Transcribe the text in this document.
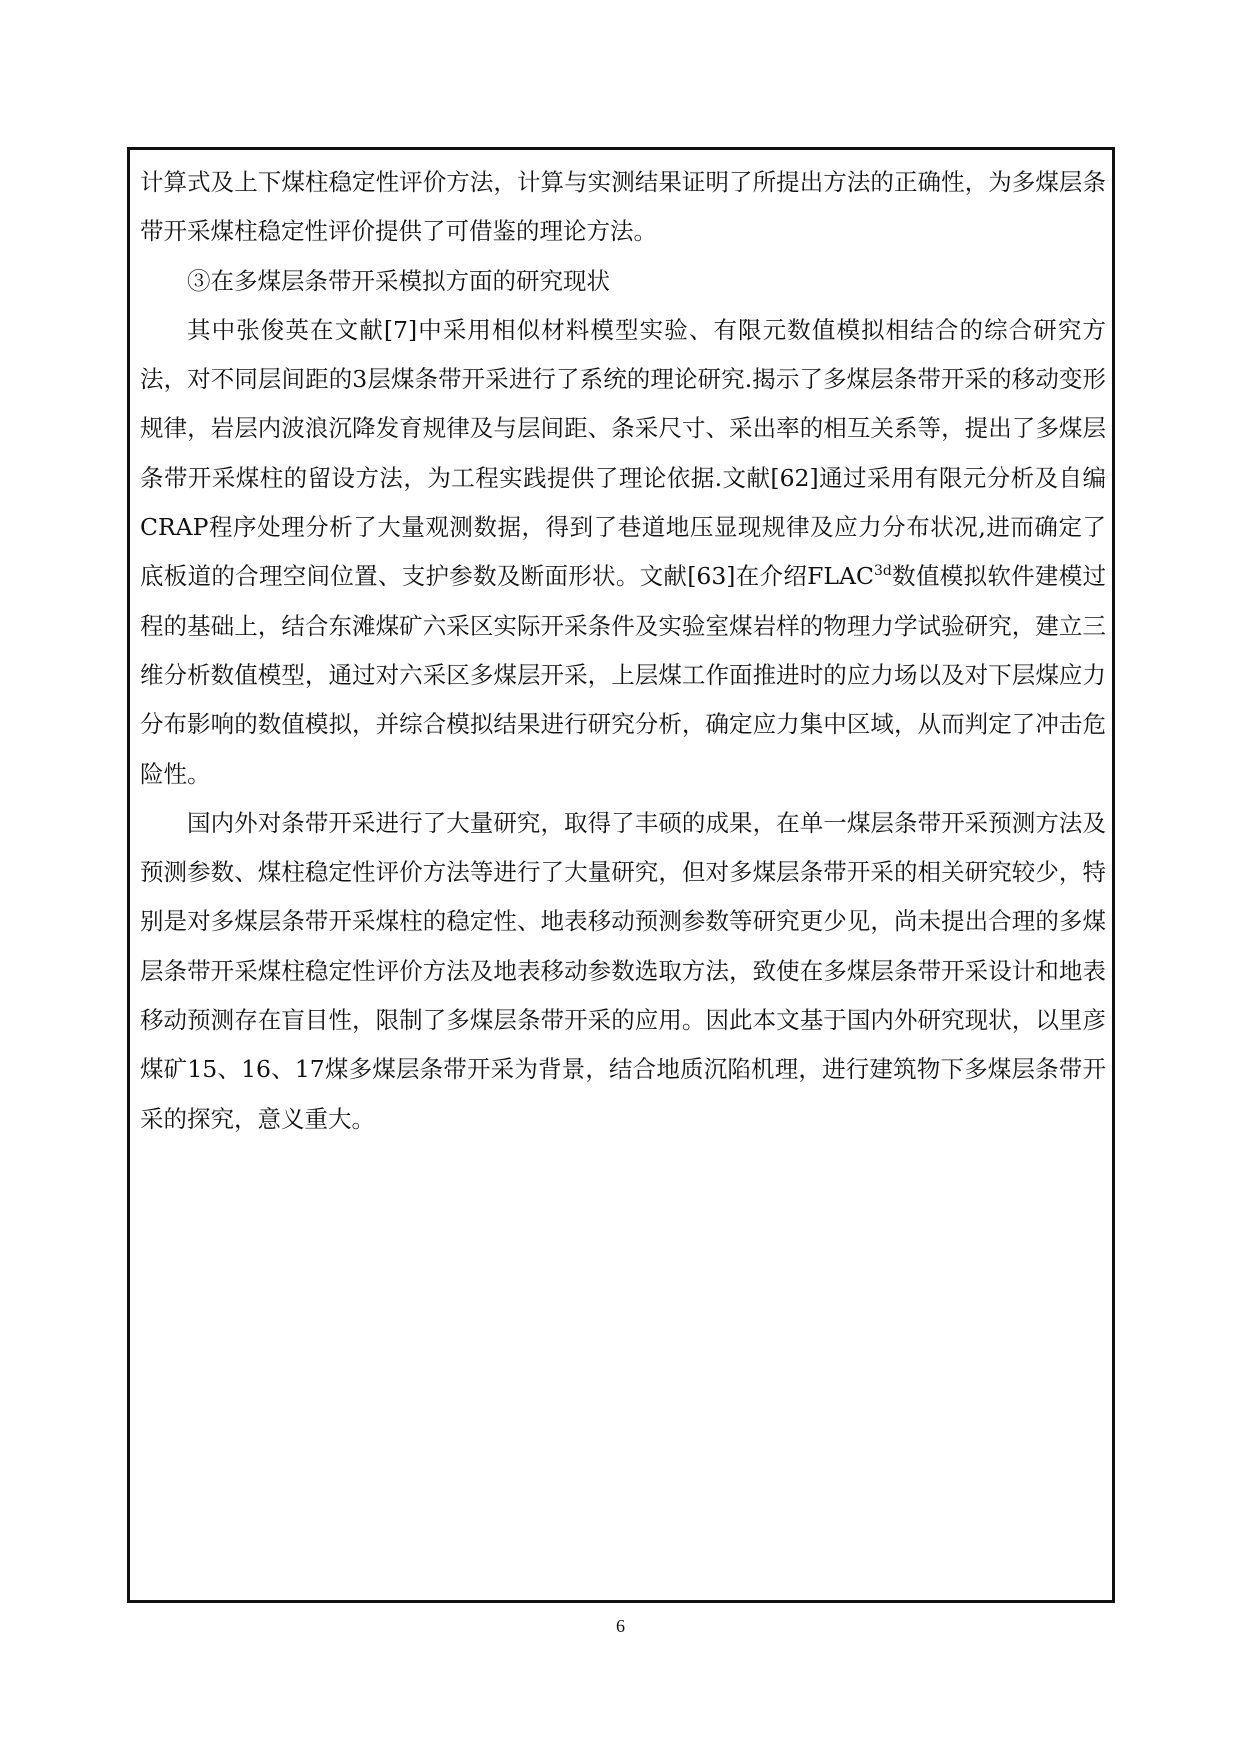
计算式及上下煤柱稳定性评价方法，计算与实测结果证明了所提出方法的正确性，为多煤层条带开采煤柱稳定性评价提供了可借鉴的理论方法。

③在多煤层条带开采模拟方面的研究现状

其中张俊英在文献[7]中采用相似材料模型实验、有限元数值模拟相结合的综合研究方法，对不同层间距的3层煤条带开采进行了系统的理论研究.揭示了多煤层条带开采的移动变形规律，岩层内波浪沉降发育规律及与层间距、条采尺寸、采出率的相互关系等，提出了多煤层条带开采煤柱的留设方法，为工程实践提供了理论依据.文献[62]通过采用有限元分析及自编CRAP程序处理分析了大量观测数据，得到了巷道地压显现规律及应力分布状况,进而确定了底板道的合理空间位置、支护参数及断面形状。文献[63]在介绍$FLAC^{3d}$数值模拟软件建模过程的基础上，结合东滩煤矿六采区实际开采条件及实验室煤岩样的物理力学试验研究，建立三维分析数值模型，通过对六采区多煤层开采，上层煤工作面推进时的应力场以及对下层煤应力分布影响的数值模拟，并综合模拟结果进行研究分析，确定应力集中区域，从而判定了冲击危险性。

国内外对条带开采进行了大量研究，取得了丰硕的成果，在单一煤层条带开采预测方法及预测参数、煤柱稳定性评价方法等进行了大量研究，但对多煤层条带开采的相关研究较少，特别是对多煤层条带开采煤柱的稳定性、地表移动预测参数等研究更少见，尚未提出合理的多煤层条带开采煤柱稳定性评价方法及地表移动参数选取方法，致使在多煤层条带开采设计和地表移动预测存在盲目性，限制了多煤层条带开采的应用。因此本文基于国内外研究现状，以里彦煤矿15、16、17煤多煤层条带开采为背景，结合地质沉陷机理，进行建筑物下多煤层条带开采的探究，意义重大。

6
